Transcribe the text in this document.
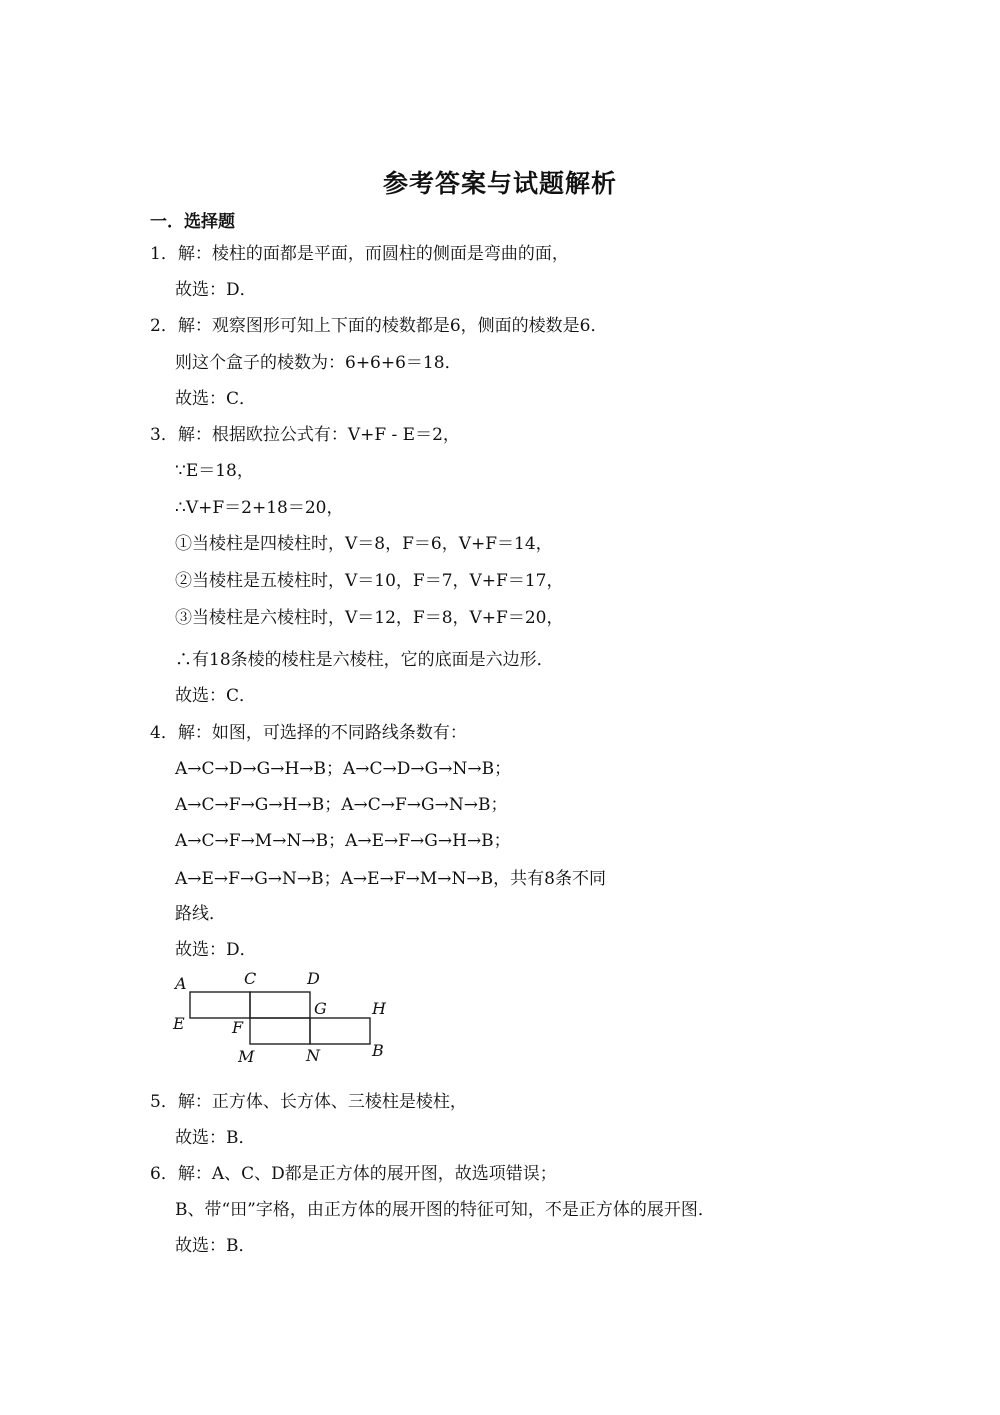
参考答案与试题解析
一．选择题
1．解：棱柱的面都是平面，而圆柱的侧面是弯曲的面，
故选：D．
2．解：观察图形可知上下面的棱数都是6，侧面的棱数是6．
则这个盒子的棱数为：6+6+6＝18．
故选：C．
3．解：根据欧拉公式有：V+F - E＝2，
∵E＝18，
∴V+F＝2+18＝20，
①当棱柱是四棱柱时，V＝8，F＝6，V+F＝14，
②当棱柱是五棱柱时，V＝10，F＝7，V+F＝17，
③当棱柱是六棱柱时，V＝12，F＝8，V+F＝20，
∴有18条棱的棱柱是六棱柱，它的底面是六边形．
故选：C．
4．解：如图，可选择的不同路线条数有：
A→C→D→G→H→B；A→C→D→G→N→B；
A→C→F→G→H→B；A→C→F→G→N→B；
A→C→F→M→N→B；A→E→F→G→H→B；
A→E→F→G→N→B；A→E→F→M→N→B，共有8条不同
路线．
故选：D．
A	C	D
H
E	F
G
M	N	B
5．解：正方体、长方体、三棱柱是棱柱，
故选：B．
6．解：A、C、D都是正方体的展开图，故选项错误；
B、带“田”字格，由正方体的展开图的特征可知，不是正方体的展开图．
故选：B．
